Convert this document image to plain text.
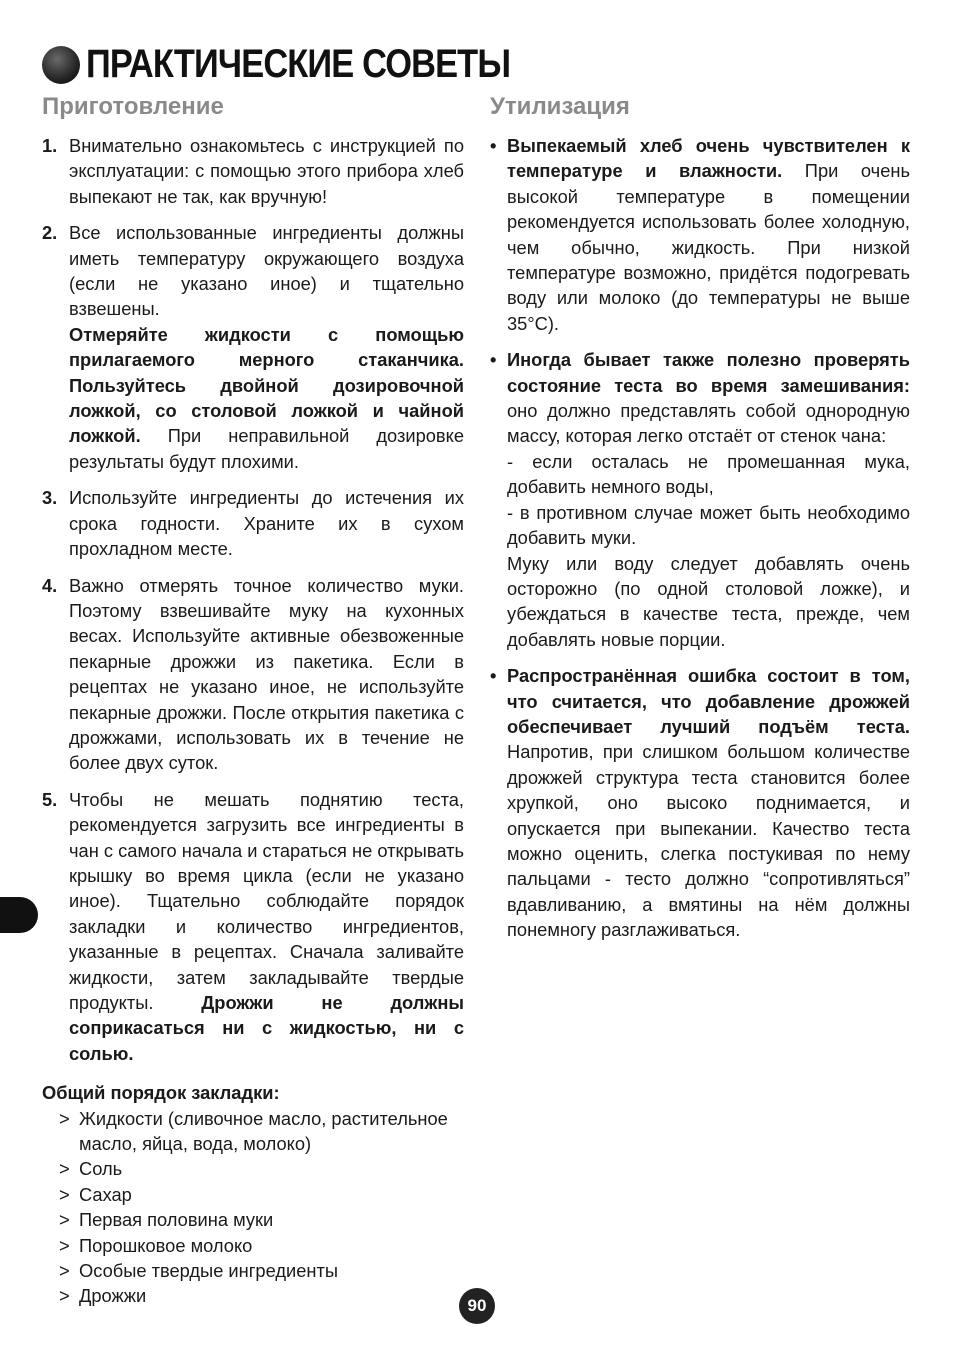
ПРАКТИЧЕСКИЕ СОВЕТЫ
Приготовление	Утилизация
1. Внимательно ознакомьтесь с инструкцией по эксплуатации: с помощью этого прибора хлеб выпекают не так, как вручную!

2. Все использованные ингредиенты должны иметь температуру окружающего воздуха (если не указано иное) и тщательно взвешены.

Отмеряйте жидкости с помощью прилагаемого мерного стаканчика. Пользуйтесь двойной дозировочной ложкой, со столовой ложкой и чайной ложкой. При неправильной дозировке результаты будут плохими.

3. Используйте ингредиенты до истечения их срока годности. Храните их в сухом прохладном месте.

4. Важно отмерять точное количество муки. Поэтому взвешивайте муку на кухонных весах. Используйте активные обезвоженные пекарные дрожжи из пакетика. Если в рецептах не указано иное, не используйте пекарные дрожжи. После открытия пакетика с дрожжами, использовать их в течение не более двух суток.

5. Чтобы не мешать поднятию теста, рекомендуется загрузить все ингредиенты в чан с самого начала и стараться не открывать крышку во время цикла (если не указано иное). Тщательно соблюдайте порядок закладки и количество ингредиентов, указанные в рецептах. Сначала заливайте жидкости, затем закладывайте твердые продукты. Дрожжи не должны соприкасаться ни с жидкостью, ни с солью.

Общий порядок закладки:
> Жидкости (сливочное масло, растительное масло, яйца, вода, молоко)
> Соль
> Сахар
> Первая половина муки
> Порошковое молоко
> Особые твердые ингредиенты
> Дрожжи
• Выпекаемый хлеб очень чувствителен к температуре и влажности. При очень высокой температуре в помещении рекомендуется использовать более холодную, чем обычно, жидкость. При низкой температуре возможно, придётся подогревать воду или молоко (до температуры не выше 35°С).

• Иногда бывает также полезно проверять состояние теста во время замешивания: оно должно представлять собой однородную массу, которая легко отстаёт от стенок чана:

- если осталась не промешанная мука, добавить немного воды,

- в противном случае может быть необходимо добавить муки.

Муку или воду следует добавлять очень осторожно (по одной столовой ложке), и убеждаться в качестве теста, прежде, чем добавлять новые порции.

• Распространённая ошибка состоит в том, что считается, что добавление дрожжей обеспечивает лучший подъём теста. Напротив, при слишком большом количестве дрожжей структура теста становится более хрупкой, оно высоко поднимается, и опускается при выпекании. Качество теста можно оценить, слегка постукивая по нему пальцами - тесто должно “сопротивляться” вдавливанию, а вмятины на нём должны понемногу разглаживаться.

90
